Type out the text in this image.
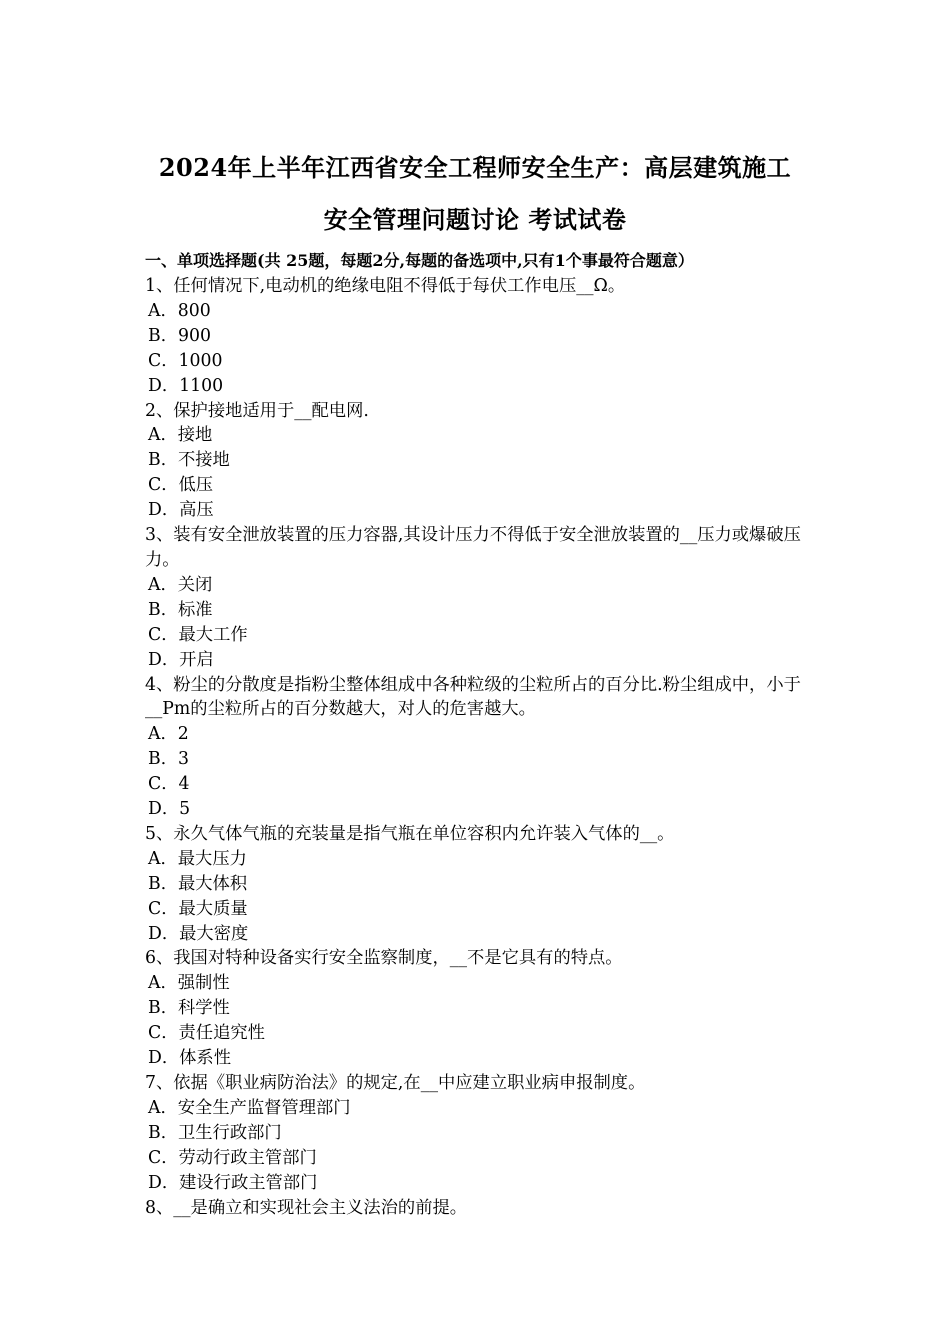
2024年上半年江西省安全工程师安全生产：高层建筑施工
安全管理问题讨论 考试试卷
一、单项选择题(共 25题，每题2分,每题的备选项中,只有1个事最符合题意）

1、任何情况下,电动机的绝缘电阻不得低于每伏工作电压__Ω。

A．800
B．900
C．1000
D．1100

2、保护接地适用于__配电网.

A．接地
B．不接地
C．低压
D．高压

3、装有安全泄放装置的压力容器,其设计压力不得低于安全泄放装置的__压力或爆破压力。

A．关闭
B．标准
C．最大工作
D．开启

4、粉尘的分散度是指粉尘整体组成中各种粒级的尘粒所占的百分比.粉尘组成中，小于__Pm的尘粒所占的百分数越大，对人的危害越大。

A．2
B．3
C．4
D．5

5、永久气体气瓶的充装量是指气瓶在单位容积内允许装入气体的__。

A．最大压力
B．最大体积
C．最大质量
D．最大密度

6、我国对特种设备实行安全监察制度，__不是它具有的特点。

A．强制性
B．科学性
C．责任追究性
D．体系性

7、依据《职业病防治法》的规定,在__中应建立职业病申报制度。

A．安全生产监督管理部门
B．卫生行政部门
C．劳动行政主管部门
D．建设行政主管部门

8、__是确立和实现社会主义法治的前提。
